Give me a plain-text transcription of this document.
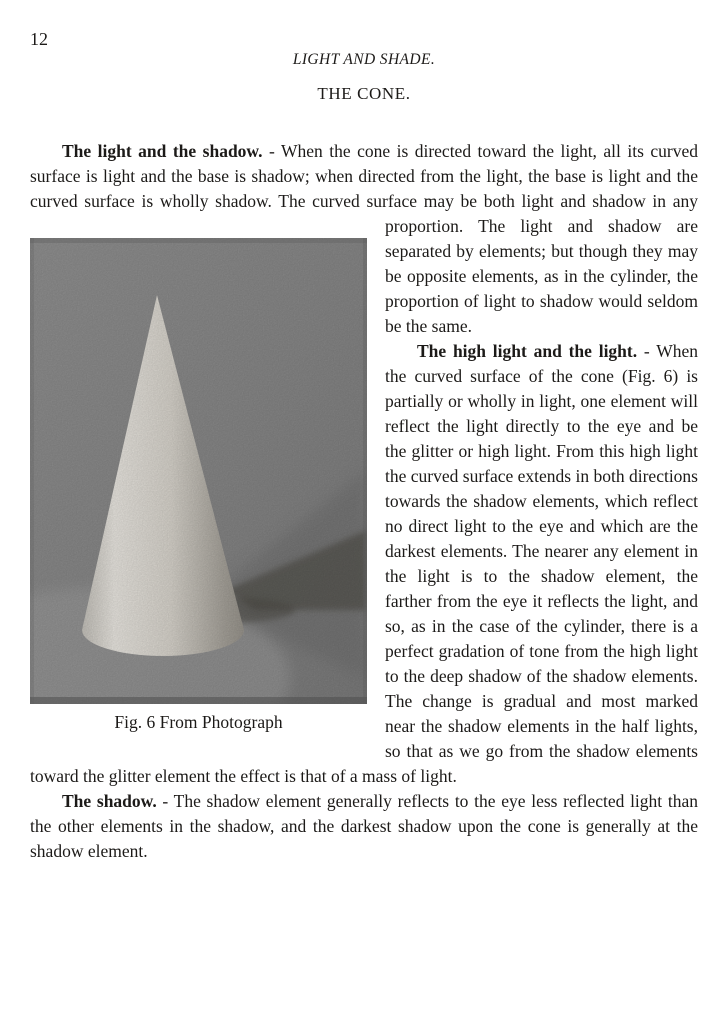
12
LIGHT AND SHADE.
THE CONE.
The light and the shadow. - When the cone is directed toward the light, all its curved surface is light and the base is shadow; when directed from the light, the base is light and the curved surface is wholly shadow. The curved surface
Fig. 6 From Photograph
may be both light and shadow in any proportion. The light and shadow are separated by elements; but though they may be opposite elements, as in the cylinder, the proportion of light to shadow would seldom be the same.
The high light and the light. - When the curved surface of the cone (Fig. 6) is partially or wholly in light, one element will reflect the light directly to the eye and be the glitter or high light. From this high light the curved surface extends in both directions towards the shadow elements, which reflect no direct light to the eye and which are the darkest elements. The nearer any element in the light is to the shadow element, the farther from the eye it reflects the light, and so, as in the case of the cylinder, there is a perfect gradation of tone from the high light to the deep shadow of the shadow elements. The change is gradual and most marked near the shadow elements in the half lights, so that as we go from the shadow elements toward the glitter element the effect is that of a mass of light.
The shadow. - The shadow element generally reflects to the eye less reflected light than the other elements in the shadow, and the darkest shadow upon the cone is generally at the shadow element.
